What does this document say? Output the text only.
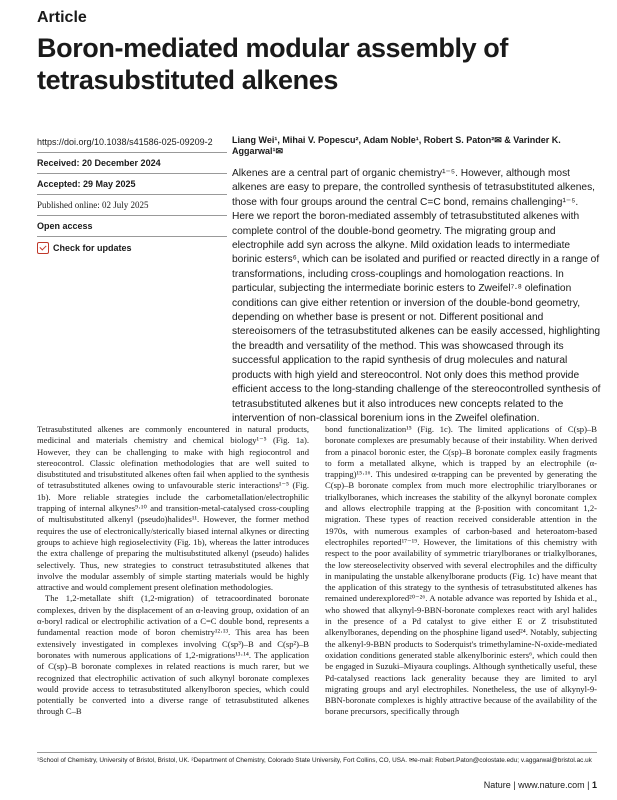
Article
Boron-mediated modular assembly of tetrasubstituted alkenes
https://doi.org/10.1038/s41586-025-09209-2
Received: 20 December 2024
Accepted: 29 May 2025
Published online: 02 July 2025
Open access
Check for updates
Liang Wei¹, Mihai V. Popescu², Adam Noble¹, Robert S. Paton²✉ & Varinder K. Aggarwal¹✉
Alkenes are a central part of organic chemistry¹⁻⁵. However, although most alkenes are easy to prepare, the controlled synthesis of tetrasubstituted alkenes, those with four groups around the central C=C bond, remains challenging¹⁻⁵. Here we report the boron-mediated assembly of tetrasubstituted alkenes with complete control of the double-bond geometry. The migrating group and electrophile add syn across the alkyne. Mild oxidation leads to intermediate borinic esters⁶, which can be isolated and purified or reacted directly in a range of transformations, including cross-couplings and homologation reactions. In particular, subjecting the intermediate borinic esters to Zweifel⁷·⁸ olefination conditions can give either retention or inversion of the double-bond geometry, depending on whether base is present or not. Different positional and stereoisomers of the tetrasubstituted alkenes can be easily accessed, highlighting the breadth and versatility of the method. This was showcased through its successful application to the rapid synthesis of drug molecules and natural products with high yield and stereocontrol. Not only does this method provide efficient access to the long-standing challenge of the stereocontrolled synthesis of tetrasubstituted alkenes but it also introduces new concepts related to the intervention of non-classical borenium ions in the Zweifel olefination.

Tetrasubstituted alkenes are commonly encountered in natural products, medicinal and materials chemistry and chemical biology¹⁻⁵ (Fig. 1a). However, they can be challenging to make with high regiocontrol and stereocontrol. Classic olefination methodologies that are well suited to disubstituted and trisubstituted alkenes often fail when applied to the synthesis of tetrasubstituted alkenes owing to unfavourable steric interactions¹⁻⁵ (Fig. 1b). More reliable strategies include the carbometallation/electrophilic trapping of internal alkynes⁹·¹⁰ and transition-metal-catalysed cross-coupling of multisubstituted alkenyl (pseudo)halides¹¹. However, the former method requires the use of electronically/sterically biased internal alkynes or directing groups to achieve high regioselectivity (Fig. 1b), whereas the latter introduces the extra challenge of preparing the multisubstituted alkenyl (pseudo) halides selectively. Thus, new strategies to construct tetrasubstituted alkenes that involve the modular assembly of simple starting materials would be highly attractive and would complement present olefination methodologies.

The 1,2-metallate shift (1,2-migration) of tetracoordinated boronate complexes, driven by the displacement of an α-leaving group, oxidation of an α-boryl radical or electrophilic activation of a C=C double bond, represents a fundamental reaction mode of boron chemistry¹²·¹³. This area has been extensively investigated in complexes involving C(sp³)–B and C(sp²)–B boronates with numerous applications of 1,2-migrations¹³·¹⁴. The application of C(sp)–B boronate complexes in related reactions is much rarer, but we recognized that electrophilic activation of such alkynyl boronate complexes would provide access to tetrasubstituted alkenylboron species, which could potentially be converted into a diverse range of tetrasubstituted alkenes through C–B

bond functionalization¹⁵ (Fig. 1c). The limited applications of C(sp)–B boronate complexes are presumably because of their instability. When derived from a pinacol boronic ester, the C(sp)–B boronate complex easily fragments to form a metallated alkyne, which is trapped by an electrophile (α-trapping)¹⁵·¹⁶. This undesired α-trapping can be prevented by generating the C(sp)–B boronate complex from much more electrophilic triarylboranes or trialkylboranes, which increases the stability of the alkynyl boronate complex and allows electrophile trapping at the β-position with concomitant 1,2-migration. These types of reaction received considerable attention in the 1970s, with numerous examples of carbon-based and heteroatom-based electrophiles reported¹⁷⁻¹⁹. However, the limitations of this chemistry with respect to the poor availability of symmetric triarylboranes or trialkylboranes, the low stereoselectivity observed with several electrophiles and the difficulty in manipulating the unstable alkenylborane products (Fig. 1c) have meant that the application of this strategy to the synthesis of tetrasubstituted alkenes has remained underexplored²⁰⁻²⁶. A notable advance was reported by Ishida et al., who showed that alkynyl-9-BBN-boronate complexes react with aryl halides in the presence of a Pd catalyst to give either E or Z trisubstituted alkenylboranes, depending on the phosphine ligand used²⁴. Notably, subjecting the alkenyl-9-BBN products to Soderquist's trimethylamine-N-oxide-mediated oxidation conditions generated stable alkenylborinic esters⁶, which could then be engaged in Suzuki–Miyaura couplings. Although synthetically useful, these Pd-catalysed reactions lack generality because they are limited to aryl migrating groups and aryl electrophiles. Nonetheless, the use of alkynyl-9-BBN-boronate complexes is highly attractive because of the availability of the borane precursors, specifically through

¹School of Chemistry, University of Bristol, Bristol, UK. ²Department of Chemistry, Colorado State University, Fort Collins, CO, USA. ✉e-mail: Robert.Paton@colostate.edu; v.aggarwal@bristol.ac.uk
Nature | www.nature.com | 1
